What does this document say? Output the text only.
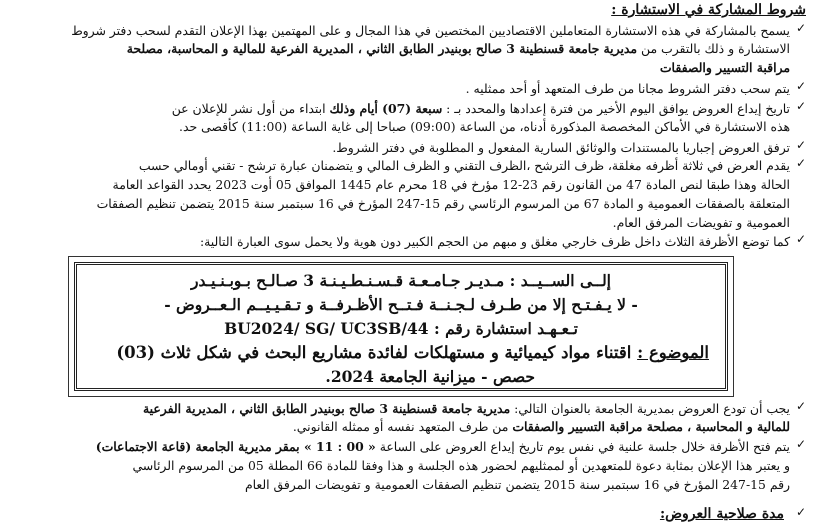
شروط المشاركة في الاستشارة :
✓
يسمح بالمشاركة في هذه الاستشارة المتعاملين الاقتصاديين المختصين في هذا المجال و على المهتمين بهذا الإعلان التقدم لسحب دفتر شروط
الاستشارة و ذلك بالتقرب من مديرية جامعة قسنطينة 3 صالح بوبنيدر الطابق الثاني ، المديرية الفرعية للمالية و المحاسبة، مصلحة
مراقبة التسيير والصفقات
✓
يتم سحب دفتر الشروط مجانا من طرف المتعهد أو أحد ممثليه .
✓
تاريخ إيداع العروض يوافق اليوم الأخير من فترة إعدادها والمحدد بـ : سبعة (07) أيام وذلك ابتداء من أول نشر للإعلان عن
هذه الاستشارة في الأماكن المخصصة المذكورة أدناه، من الساعة (09:00) صباحا إلى غاية الساعة (11:00) كأقصى حد.
✓
ترفق العروض إجباريا بالمستندات والوثائق السارية المفعول و المطلوبة في دفتر الشروط.
✓
يقدم العرض في ثلاثة أظرفه مغلقة، ظرف الترشح ،الظرف التقني و الظرف المالي و يتضمنان عبارة ترشح - تقني أومالي حسب
الحالة وهذا طبقا لنص المادة 47 من القانون رقم 23-12 مؤرخ في 18 محرم عام 1445 الموافق 05 أوت 2023 يحدد القواعد العامة
المتعلقة بالصفقات العمومية و المادة 67 من المرسوم الرئاسي رقم 15-247 المؤرخ في 16 سبتمبر سنة 2015 يتضمن تنظيم الصفقات
العمومية و تفويضات المرفق العام.
✓
كما توضع الأظرفة الثلاث داخل ظرف خارجي مغلق و مبهم من الحجم الكبير دون هوية ولا يحمل سوى العبارة التالية:
إلــى الســيــد : مـديـر جـامـعـة قـسـنـطـيـنـة 3 صـالـح بـوبـنـيـدر
- لا يـفـتـح إلا من طـرف لـجـنــة فـتــح الأظـرفــة و تـقـيـيــم الـعــروض -
تـعـهـد استشارة رقم : BU2024/ SG/ UC3SB/44
الموضوع : اقتناء مواد كيميائية و مستهلكات لفائدة مشاريع البحث في شكل ثلاث (03)
حصص - ميزانية الجامعة 2024.
✓
يجب أن تودع العروض بمديرية الجامعة بالعنوان التالي: مديرية جامعة قسنطينة 3 صالح بوبنيدر الطابق الثاني ، المديرية الفرعية
للمالية و المحاسبة ، مصلحة مراقبة التسيير والصفقات من طرف المتعهد نفسه أو ممثله القانوني.
✓
يتم فتح الأظرفة خلال جلسة علنية في نفس يوم تاريخ إيداع العروض على الساعة « 00 : 11 » بمقر مديرية الجامعة (قاعة الاجتماعات)
و يعتبر هذا الإعلان بمثابة دعوة للمتعهدين أو لممثليهم لحضور هذه الجلسة و هذا وفقا للمادة 66 المطلة 05 من المرسوم الرئاسي
رقم 15-247 المؤرخ في 16 سبتمبر سنة 2015 يتضمن تنظيم الصفقات العمومية و تفويضات المرفق العام
✓
مدة صلاحية العروض:
